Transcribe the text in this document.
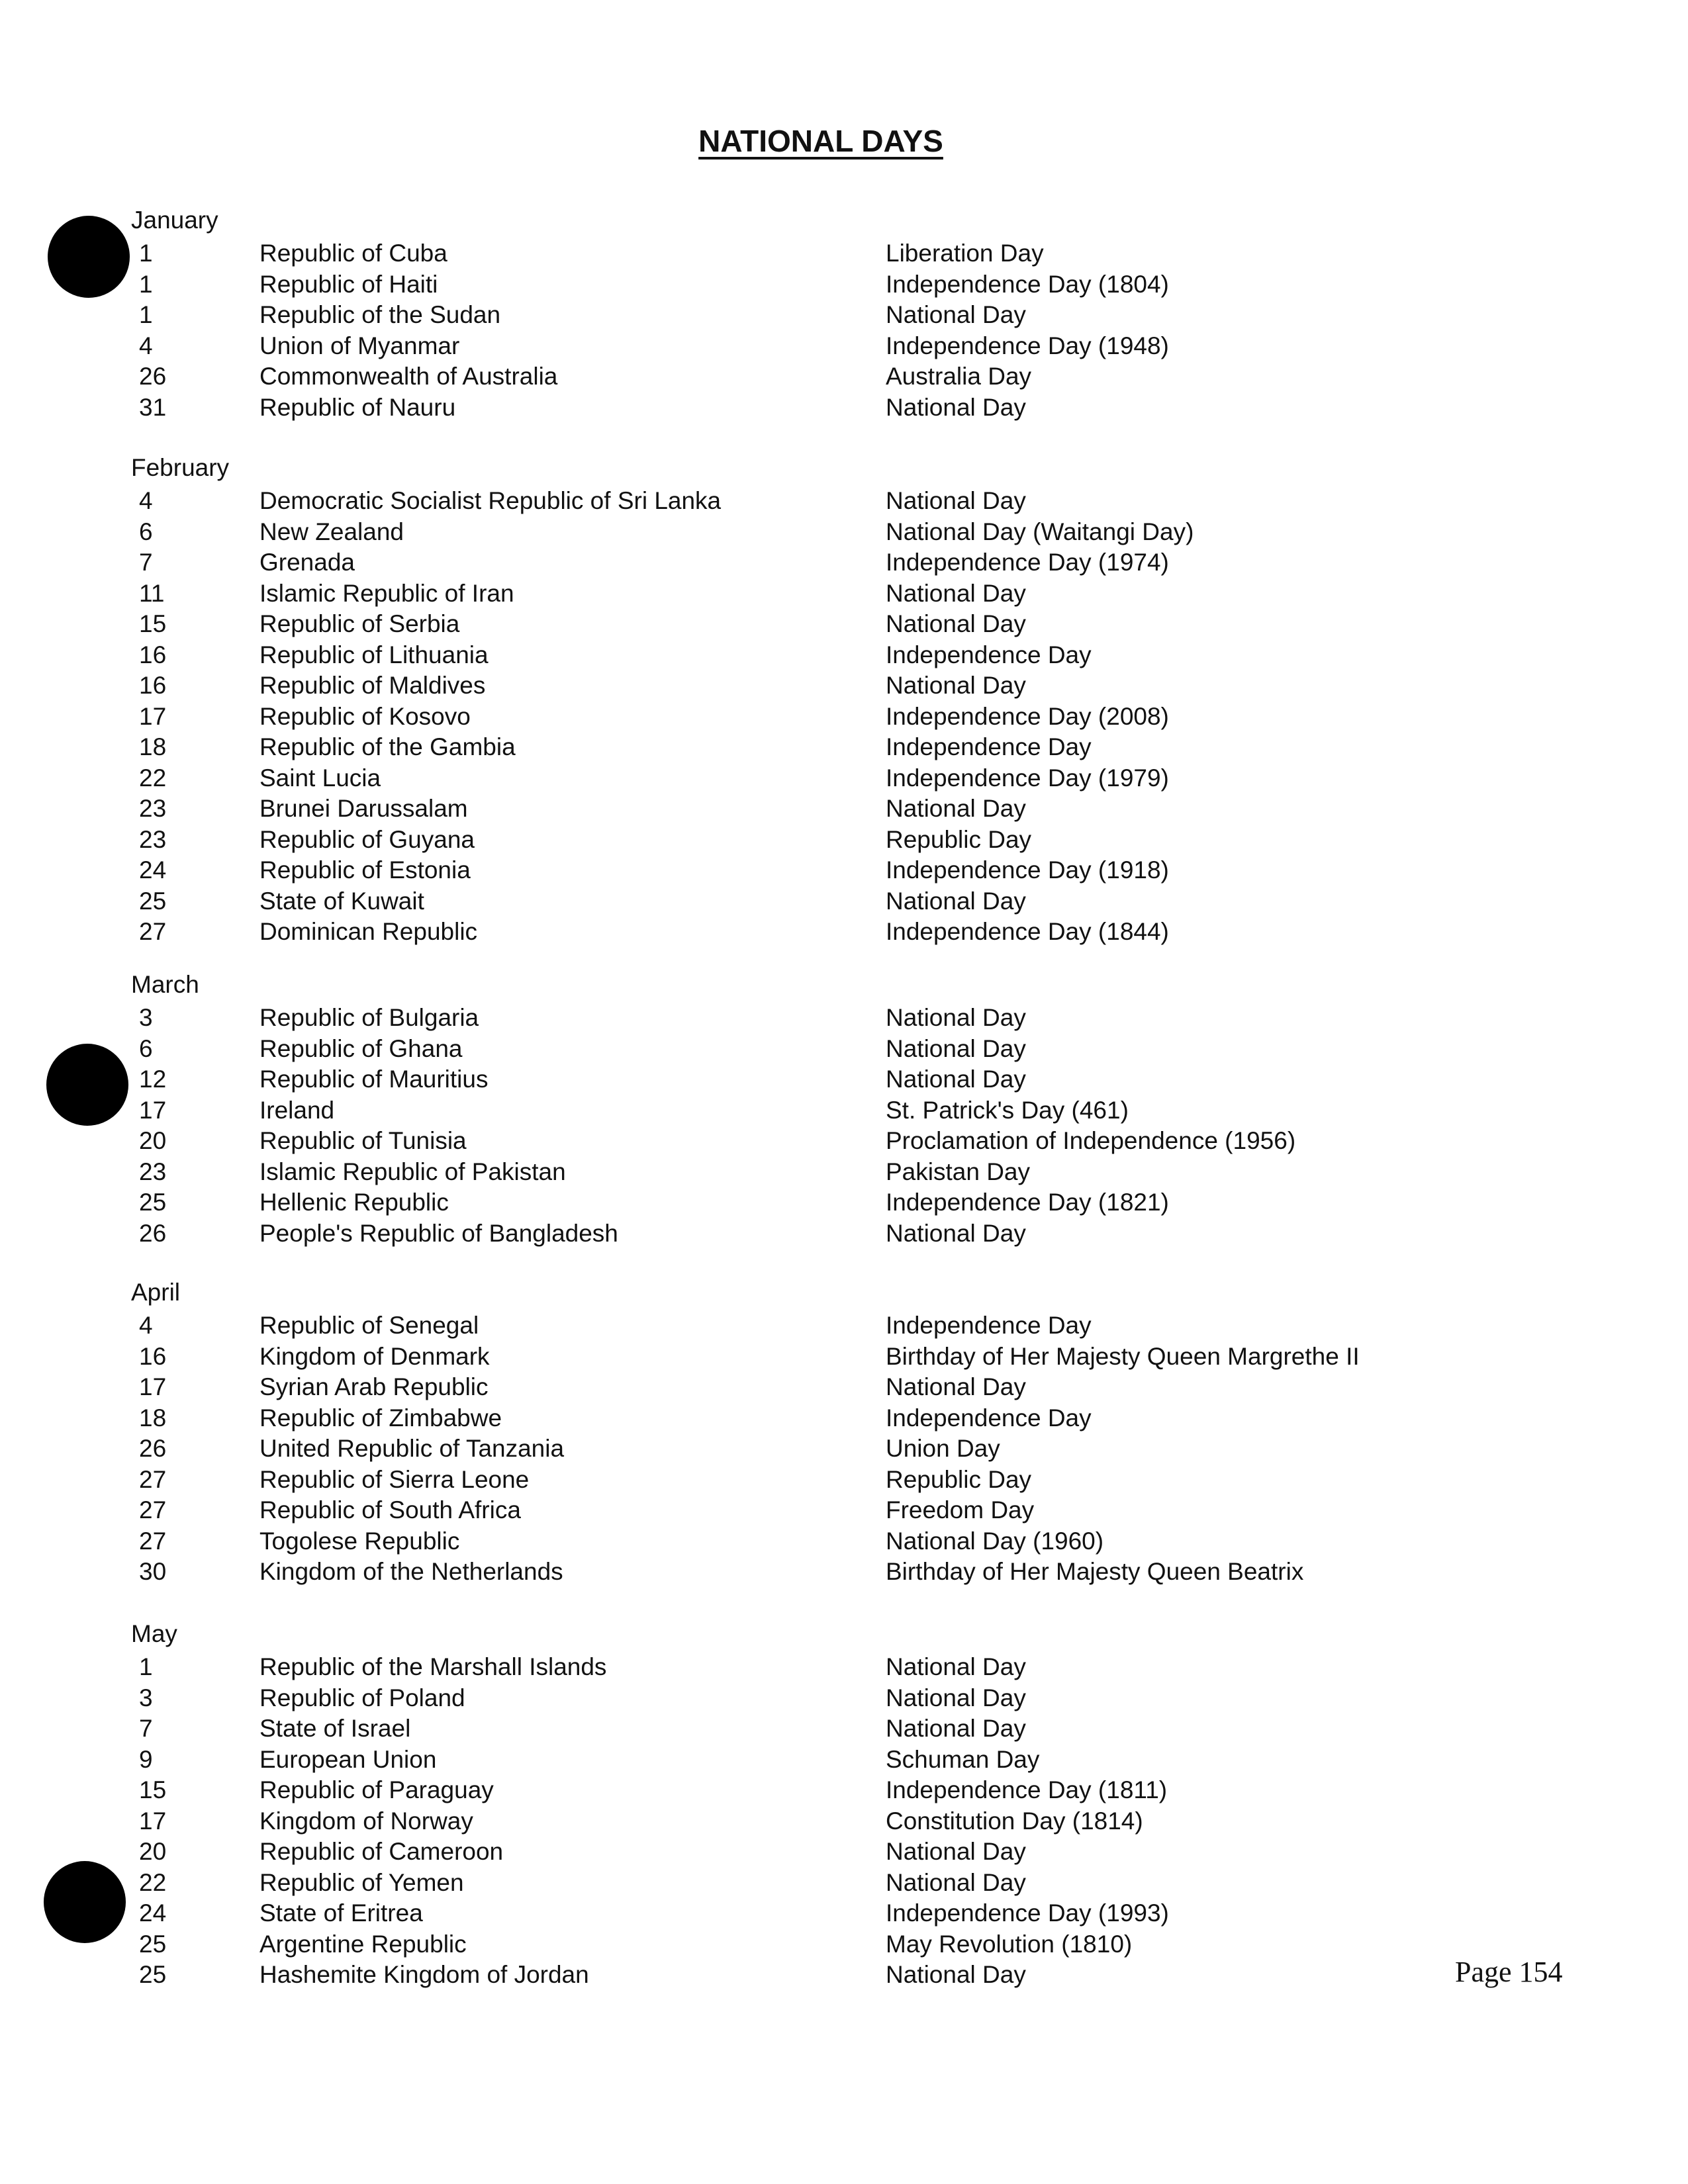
NATIONAL DAYS
January
1	Republic of Cuba	Liberation Day
1	Republic of Haiti	Independence Day (1804)
1	Republic of the Sudan	National Day
4	Union of Myanmar	Independence Day (1948)
26	Commonwealth of Australia	Australia Day
31	Republic of Nauru	National Day
February
4	Democratic Socialist Republic of Sri Lanka	National Day
6	New Zealand	National Day (Waitangi Day)
7	Grenada	Independence Day (1974)
11	Islamic Republic of Iran	National Day
15	Republic of Serbia	National Day
16	Republic of Lithuania	Independence Day
16	Republic of Maldives	National Day
17	Republic of Kosovo	Independence Day (2008)
18	Republic of the Gambia	Independence Day
22	Saint Lucia	Independence Day (1979)
23	Brunei Darussalam	National Day
23	Republic of Guyana	Republic Day
24	Republic of Estonia	Independence Day (1918)
25	State of Kuwait	National Day
27	Dominican Republic	Independence Day (1844)
March
3	Republic of Bulgaria	National Day
6	Republic of Ghana	National Day
12	Republic of Mauritius	National Day
17	Ireland	St. Patrick's Day (461)
20	Republic of Tunisia	Proclamation of Independence (1956)
23	Islamic Republic of Pakistan	Pakistan Day
25	Hellenic Republic	Independence Day (1821)
26	People's Republic of Bangladesh	National Day
April
4	Republic of Senegal	Independence Day
16	Kingdom of Denmark	Birthday of Her Majesty Queen Margrethe II
17	Syrian Arab Republic	National Day
18	Republic of Zimbabwe	Independence Day
26	United Republic of Tanzania	Union Day
27	Republic of Sierra Leone	Republic Day
27	Republic of South Africa	Freedom Day
27	Togolese Republic	National Day (1960)
30	Kingdom of the Netherlands	Birthday of Her Majesty Queen Beatrix
May
1	Republic of the Marshall Islands	National Day
3	Republic of Poland	National Day
7	State of Israel	National Day
9	European Union	Schuman Day
15	Republic of Paraguay	Independence Day (1811)
17	Kingdom of Norway	Constitution Day (1814)
20	Republic of Cameroon	National Day
22	Republic of Yemen	National Day
24	State of Eritrea	Independence Day (1993)
25	Argentine Republic	May Revolution (1810)
25	Hashemite Kingdom of Jordan	National Day	Page 154
